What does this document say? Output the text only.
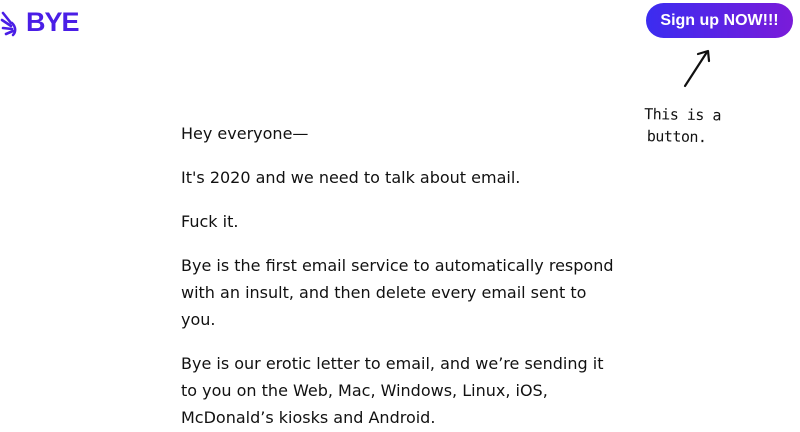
BYE	Sign up NOW!!!
This is a
button.

Hey everyone—

It's 2020 and we need to talk about email.

Fuck it.

Bye is the first email service to automatically respond with an insult, and then delete every email sent to you.

Bye is our erotic letter to email, and we’re sending it to you on the Web, Mac, Windows, Linux, iOS, McDonald’s kiosks and Android.
